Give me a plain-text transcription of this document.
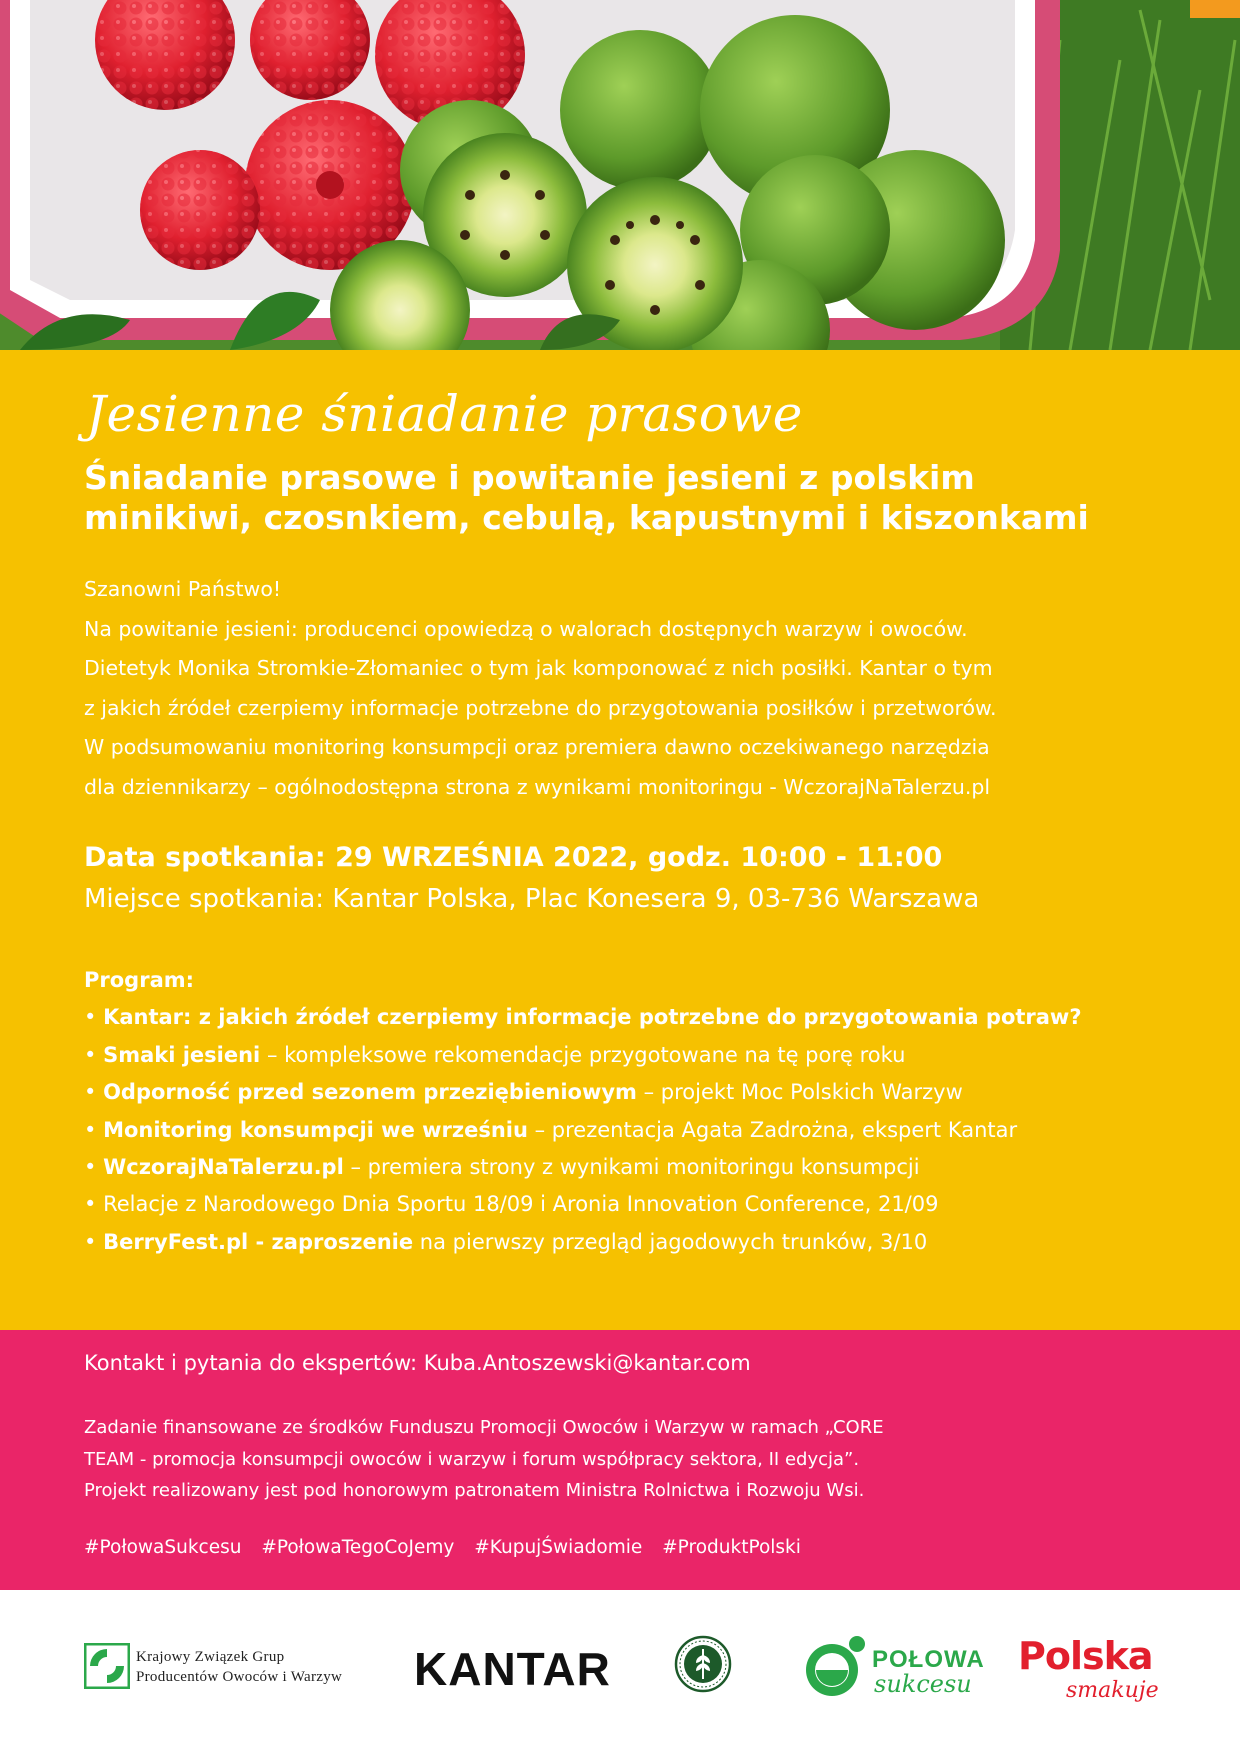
Jesienne śniadanie prasowe
Śniadanie prasowe i powitanie jesieni z polskim
minikiwi, czosnkiem, cebulą, kapustnymi i kiszonkami
Szanowni Państwo!
Na powitanie jesieni: producenci opowiedzą o walorach dostępnych warzyw i owoców.
Dietetyk Monika Stromkie-Złomaniec o tym jak komponować z nich posiłki. Kantar o tym
z jakich źródeł czerpiemy informacje potrzebne do przygotowania posiłków i przetworów.
W podsumowaniu monitoring konsumpcji oraz premiera dawno oczekiwanego narzędzia
dla dziennikarzy – ogólnodostępna strona z wynikami monitoringu - WczorajNaTalerzu.pl
Data spotkania: 29 WRZEŚNIA 2022, godz. 10:00 - 11:00
Miejsce spotkania: Kantar Polska, Plac Konesera 9, 03-736 Warszawa
Program:
• Kantar: z jakich źródeł czerpiemy informacje potrzebne do przygotowania potraw?
• Smaki jesieni – kompleksowe rekomendacje przygotowane na tę porę roku
• Odporność przed sezonem przeziębieniowym – projekt Moc Polskich Warzyw
• Monitoring konsumpcji we wrześniu – prezentacja Agata Zadrożna, ekspert Kantar
• WczorajNaTalerzu.pl – premiera strony z wynikami monitoringu konsumpcji
• Relacje z Narodowego Dnia Sportu 18/09 i Aronia Innovation Conference, 21/09
• BerryFest.pl - zaproszenie na pierwszy przegląd jagodowych trunków, 3/10
Kontakt i pytania do ekspertów: Kuba.Antoszewski@kantar.com
Zadanie finansowane ze środków Funduszu Promocji Owoców i Warzyw w ramach „CORE
TEAM - promocja konsumpcji owoców i warzyw i forum współpracy sektora, II edycja”.
Projekt realizowany jest pod honorowym patronatem Ministra Rolnictwa i Rozwoju Wsi.
#PołowaSukcesu #PołowaTegoCoJemy #KupujŚwiadomie #ProduktPolski
Krajowy Związek Grup
Producentów Owoców i Warzyw KANTAR	POŁOWA
sukcesu
Polska
smakuje
